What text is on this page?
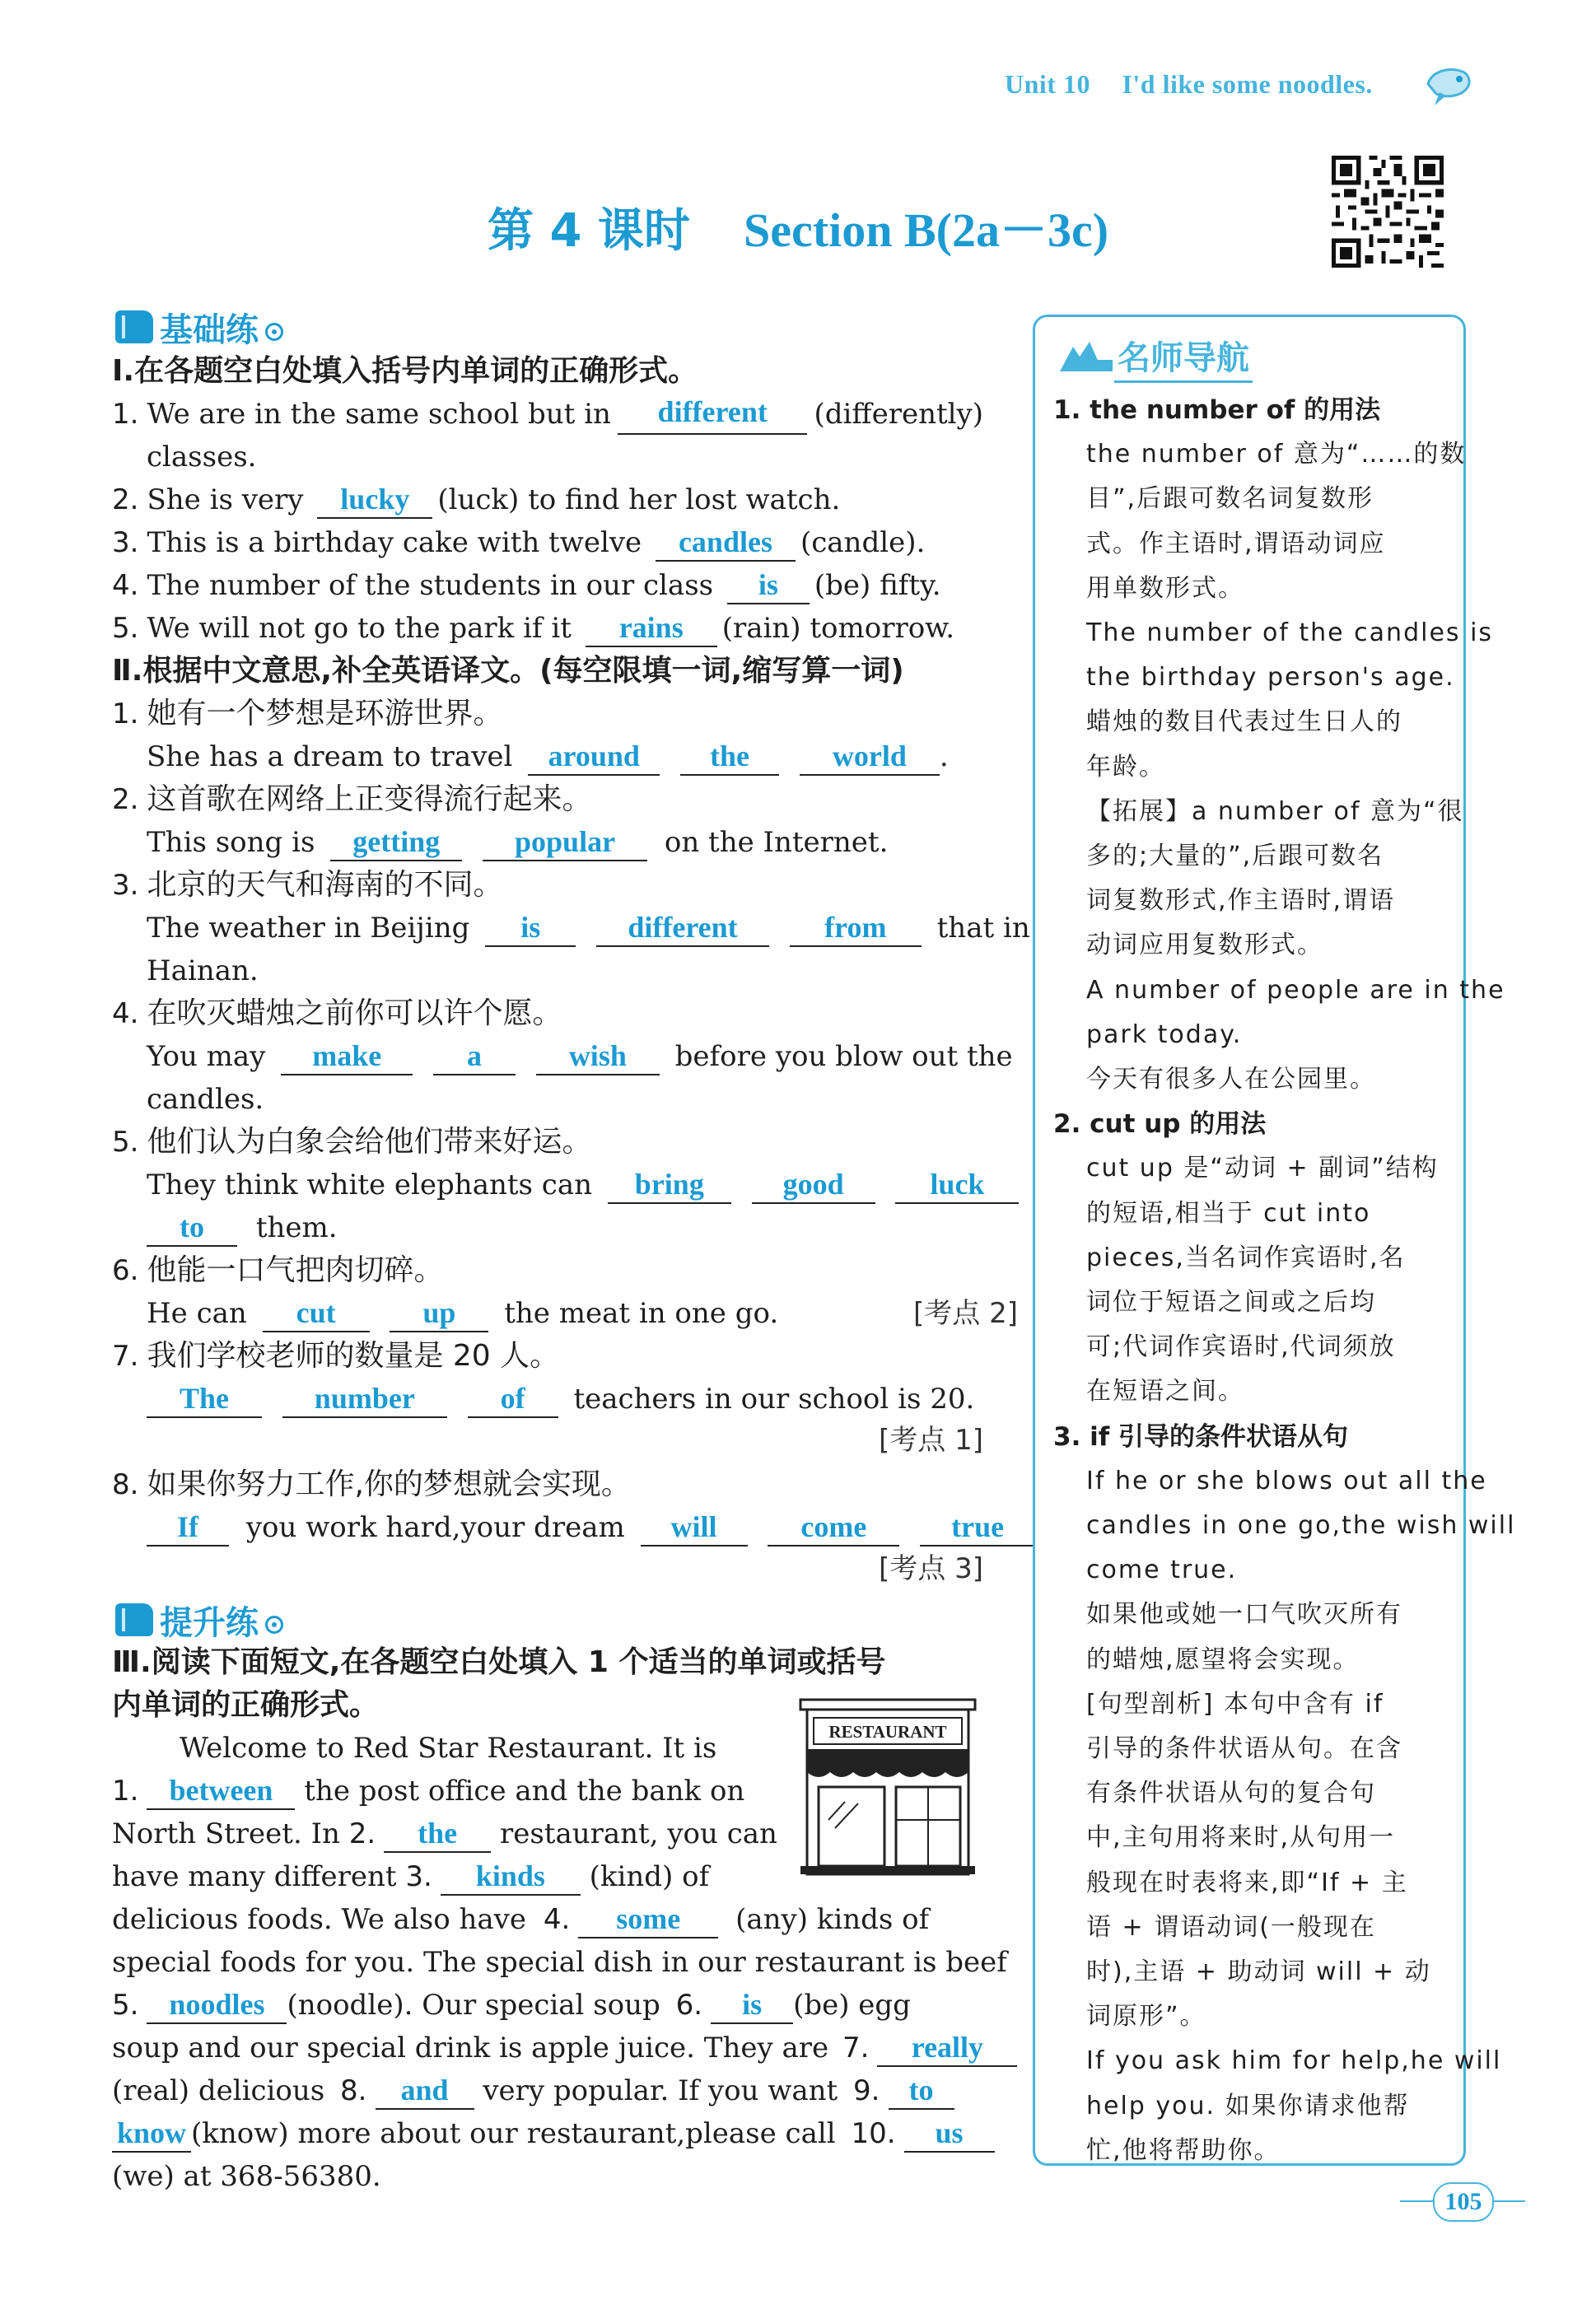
Unit 10 I'd like some noodles.
第 4 课时 Section B(2a－3c)
基础练
Ⅰ.在各题空白处填入括号内单词的正确形式。
1. We are in the same school but in	different	(differently)
classes.
2. She is very lucky (luck) to find her lost watch.
3. This is a birthday cake with twelve candles (candle).
4. The number of the students in our class is (be) fifty.
5. We will not go to the park if it rains (rain) tomorrow.
Ⅱ.根据中文意思,补全英语译文。(每空限填一词,缩写算一词)
1. 她有一个梦想是环游世界。
She has a dream to travel around the	world .
2. 这首歌在网络上正变得流行起来。
This song is getting	popular on the Internet.
3. 北京的天气和海南的不同。
The weather in Beijing is	different	from that in
Hainan.
4. 在吹灭蜡烛之前你可以许个愿。
You may make	a	wish before you blow out the
candles.
5. 他们认为白象会给他们带来好运。
They think white elephants can bring	good	luck
to them.
6. 他能一口气把肉切碎。
He can cut	up the meat in one go.	[考点 2]
7. 我们学校老师的数量是 20 人。
The	number	of teachers in our school is 20.
[考点 1]
8. 如果你努力工作,你的梦想就会实现。
If you work hard,your dream will	come	true
[考点 3]
提升练
Ⅲ.阅读下面短文,在各题空白处填入 1 个适当的单词或括号
内单词的正确形式。
Welcome to Red Star Restaurant. It is
1. between the post office and the bank on
North Street. In 2. the restaurant, you can
have many different 3. kinds (kind) of
delicious foods. We also have 4. some (any) kinds of
special foods for you. The special dish in our restaurant is beef
5. noodles (noodle). Our special soup 6. is (be) egg
soup and our special drink is apple juice. They are 7. really
(real) delicious 8. and very popular. If you want 9. to
know (know) more about our restaurant,please call 10. us
(we) at 368-56380.
RESTAURANT
名师导航
1. the number of 的用法
the number of 意为“……的数
目”,后跟可数名词复数形
式。作主语时,谓语动词应
用单数形式。
The number of the candles is
the birthday person's age.
蜡烛的数目代表过生日人的
年龄。
【拓展】a number of 意为“很
多的;大量的”,后跟可数名
词复数形式,作主语时,谓语
动词应用复数形式。
A number of people are in the
park today.
今天有很多人在公园里。
2. cut up 的用法
cut up 是“动词 + 副词”结构
的短语,相当于 cut into
pieces,当名词作宾语时,名
词位于短语之间或之后均
可;代词作宾语时,代词须放
在短语之间。
3. if 引导的条件状语从句
If he or she blows out all the
candles in one go,the wish will
come true.
如果他或她一口气吹灭所有
的蜡烛,愿望将会实现。
[句型剖析] 本句中含有 if
引导的条件状语从句。在含
有条件状语从句的复合句
中,主句用将来时,从句用一
般现在时表将来,即“If + 主
语 + 谓语动词(一般现在
时),主语 + 助动词 will + 动
词原形”。
If you ask him for help,he will
help you. 如果你请求他帮
忙,他将帮助你。
105
